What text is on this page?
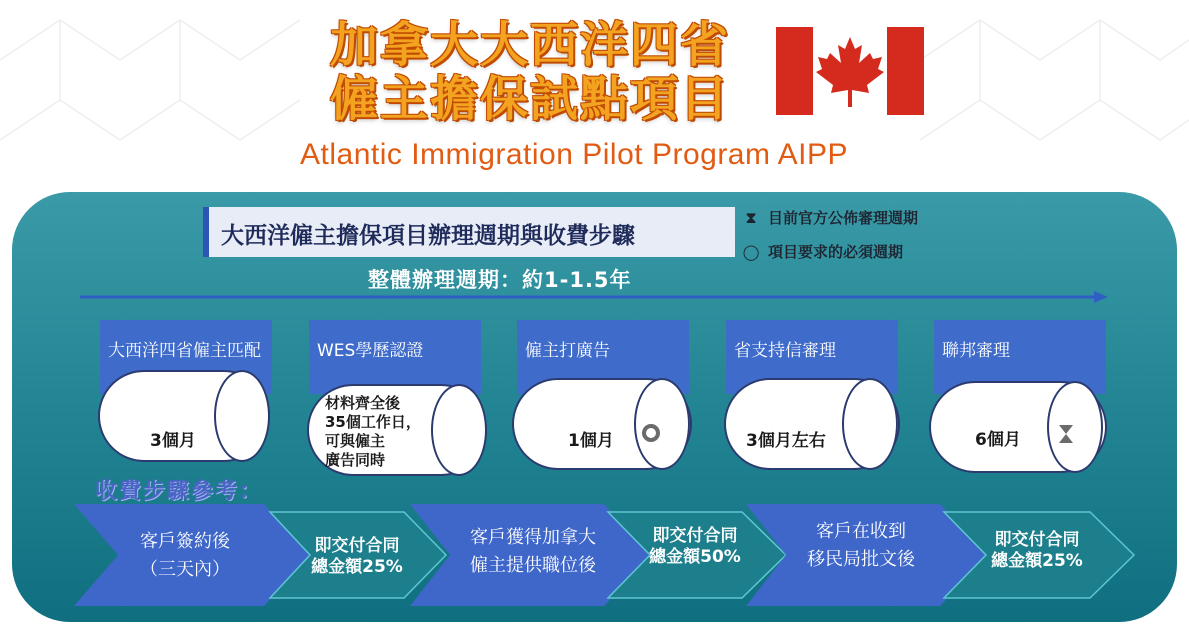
加拿大大西洋四省
僱主擔保試點項目
Atlantic Immigration Pilot Program AIPP
大西洋僱主擔保項目辦理週期與收費步驟
⧗ 目前官方公佈審理週期
◯ 項目要求的必須週期
整體辦理週期：約1-1.5年
大西洋四省僱主匹配
3個月
WES學歷認證
材料齊全後
35個工作日，
可與僱主
廣告同時
僱主打廣告
1個月
省支持信審理
3個月左右
聯邦審理
6個月
收費步驟參考：
客戶簽約後
（三天內）
即交付合同
總金額25%
客戶獲得加拿大
僱主提供職位後
即交付合同
總金額50%
客戶在收到
移民局批文後
即交付合同
總金額25%
